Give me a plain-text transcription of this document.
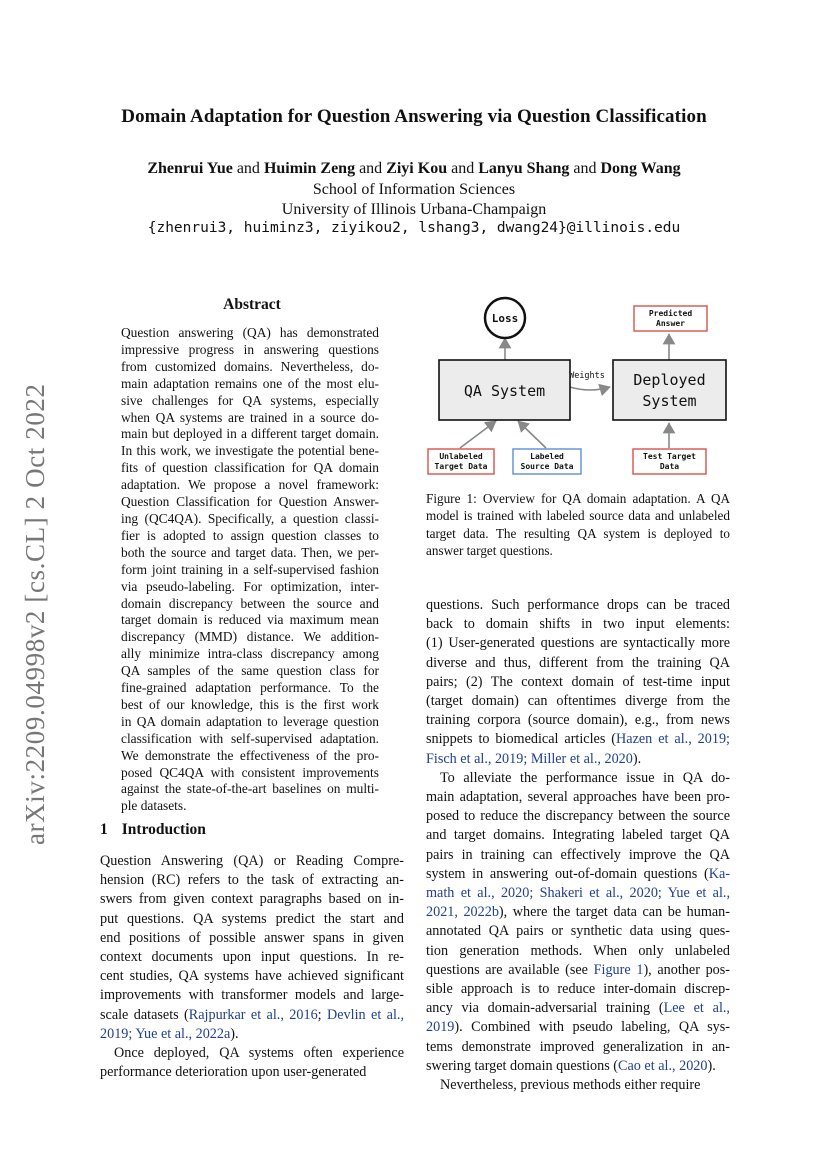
Domain Adaptation for Question Answering via Question Classification
Zhenrui Yue and Huimin Zeng and Ziyi Kou and Lanyu Shang and Dong Wang
School of Information Sciences
University of Illinois Urbana-Champaign
{zhenrui3, huiminz3, ziyikou2, lshang3, dwang24}@illinois.edu
arXiv:2209.04998v2 [cs.CL] 2 Oct 2022
Abstract
Question answering (QA) has demonstrated
impressive progress in answering questions
from customized domains. Nevertheless, do-
main adaptation remains one of the most elu-
sive challenges for QA systems, especially
when QA systems are trained in a source do-
main but deployed in a different target domain.
In this work, we investigate the potential bene-
fits of question classification for QA domain
adaptation. We propose a novel framework:
Question Classification for Question Answer-
ing (QC4QA). Specifically, a question classi-
fier is adopted to assign question classes to
both the source and target data. Then, we per-
form joint training in a self-supervised fashion
via pseudo-labeling. For optimization, inter-
domain discrepancy between the source and
target domain is reduced via maximum mean
discrepancy (MMD) distance. We addition-
ally minimize intra-class discrepancy among
QA samples of the same question class for
fine-grained adaptation performance. To the
best of our knowledge, this is the first work
in QA domain adaptation to leverage question
classification with self-supervised adaptation.
We demonstrate the effectiveness of the pro-
posed QC4QA with consistent improvements
against the state-of-the-art baselines on multi-
ple datasets.
1 Introduction
Question Answering (QA) or Reading Compre-
hension (RC) refers to the task of extracting an-
swers from given context paragraphs based on in-
put questions. QA systems predict the start and
end positions of possible answer spans in given
context documents upon input questions. In re-
cent studies, QA systems have achieved significant
improvements with transformer models and large-
scale datasets (Rajpurkar et al., 2016; Devlin et al.,
2019; Yue et al., 2022a).
Once deployed, QA systems often experience
performance deterioration upon user-generated
questions. Such performance drops can be traced
back to domain shifts in two input elements:
(1) User-generated questions are syntactically more
diverse and thus, different from the training QA
pairs; (2) The context domain of test-time input
(target domain) can oftentimes diverge from the
training corpora (source domain), e.g., from news
snippets to biomedical articles (Hazen et al., 2019;
Fisch et al., 2019; Miller et al., 2020).
To alleviate the performance issue in QA do-
main adaptation, several approaches have been pro-
posed to reduce the discrepancy between the source
and target domains. Integrating labeled target QA
pairs in training can effectively improve the QA
system in answering out-of-domain questions (Ka-
math et al., 2020; Shakeri et al., 2020; Yue et al.,
2021, 2022b), where the target data can be human-
annotated QA pairs or synthetic data using ques-
tion generation methods. When only unlabeled
questions are available (see Figure 1), another pos-
sible approach is to reduce inter-domain discrep-
ancy via domain-adversarial training (Lee et al.,
2019). Combined with pseudo labeling, QA sys-
tems demonstrate improved generalization in an-
swering target domain questions (Cao et al., 2020).
Nevertheless, previous methods either require
Loss
QA System
Deployed
System
Weights
Predicted
Answer
Unlabeled
Target Data
Labeled
Source Data
Test Target
Data
Figure 1: Overview for QA domain adaptation. A QA
model is trained with labeled source data and unlabeled
target data. The resulting QA system is deployed to
answer target questions.
